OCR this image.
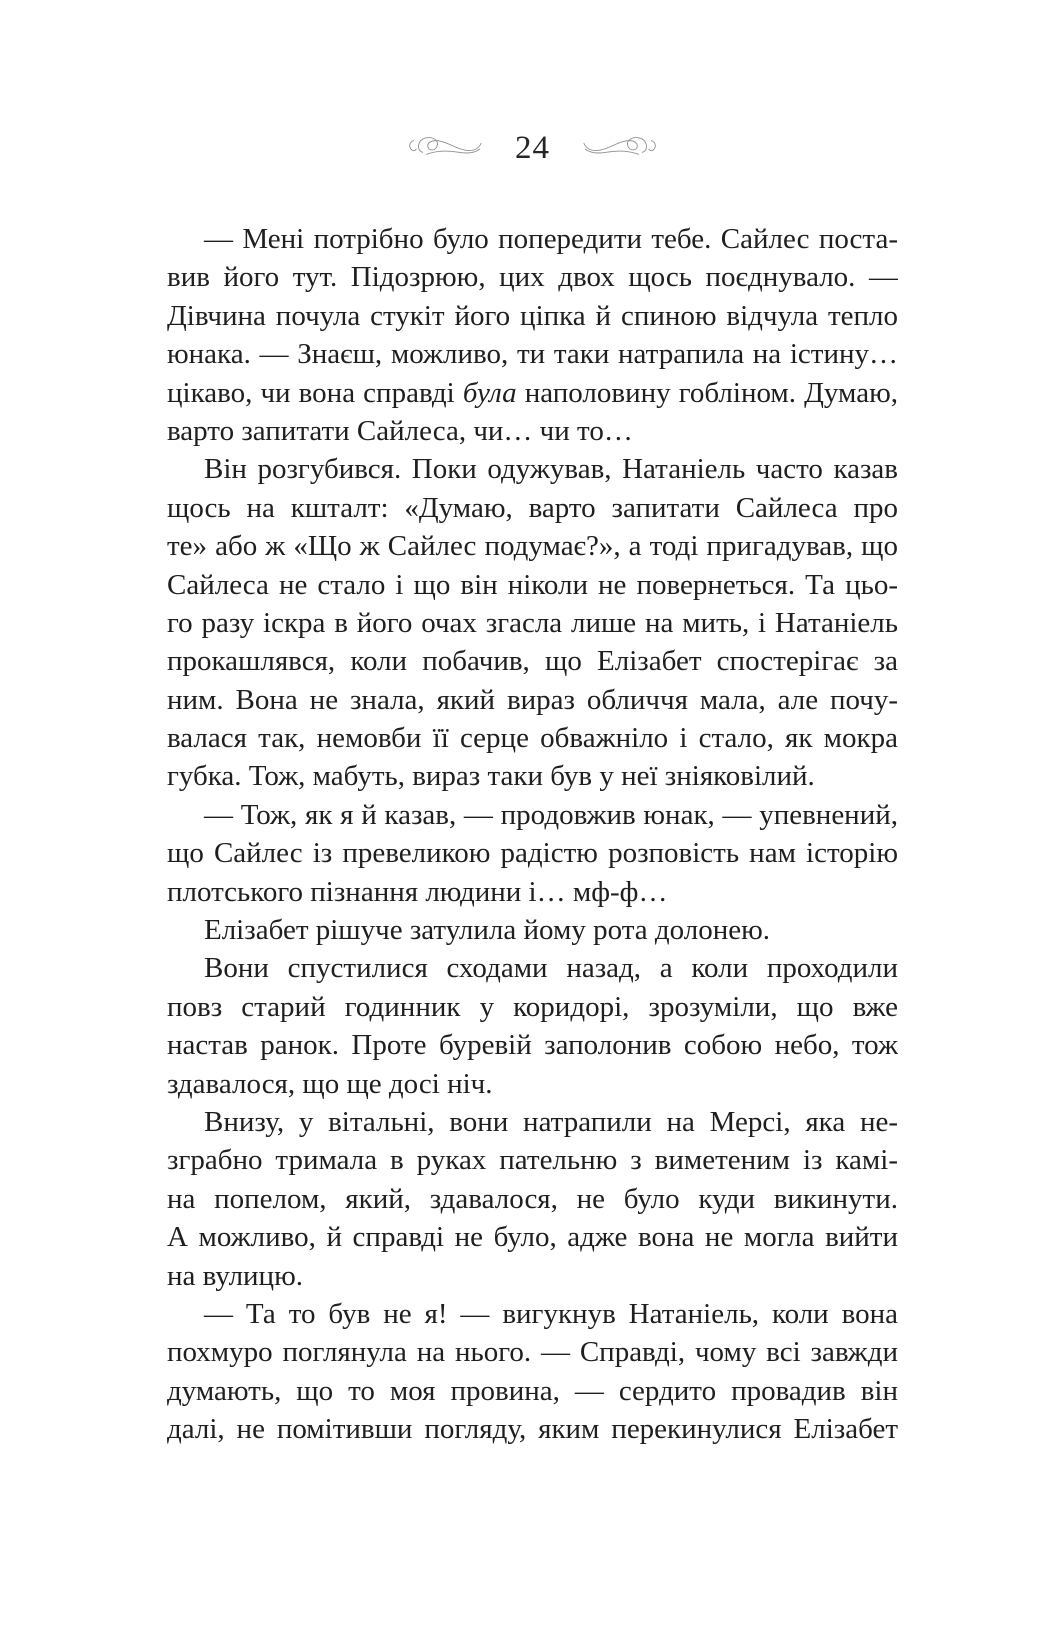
24
— Мені потрібно було попередити тебе. Сайлес поста-
вив його тут. Підозрюю, цих двох щось поєднувало. —
Дівчина почула стукіт його ціпка й спиною відчула тепло
юнака. — Знаєш, можливо, ти таки натрапила на істину…
цікаво, чи вона справді була наполовину гобліном. Думаю,
варто запитати Сайлеса, чи… чи то…
Він розгубився. Поки одужував, Натаніель часто казав
щось на кшталт: «Думаю, варто запитати Сайлеса про
те» або ж «Що ж Сайлес подумає?», а тоді пригадував, що
Сайлеса не стало і що він ніколи не повернеться. Та цьо-
го разу іскра в його очах згасла лише на мить, і Натаніель
прокашлявся, коли побачив, що Елізабет спостерігає за
ним. Вона не знала, який вираз обличчя мала, але почу-
валася так, немовби її серце обважніло і стало, як мокра
губка. Тож, мабуть, вираз таки був у неї зніяковілий.
— Тож, як я й казав, — продовжив юнак, — упевнений,
що Сайлес із превеликою радістю розповість нам історію
плотського пізнання людини і… мф-ф…
Елізабет рішуче затулила йому рота долонею.
Вони спустилися сходами назад, а коли проходили
повз старий годинник у коридорі, зрозуміли, що вже
настав ранок. Проте буревій заполонив собою небо, тож
здавалося, що ще досі ніч.
Внизу, у вітальні, вони натрапили на Мерсі, яка не-
зграбно тримала в руках пательню з виметеним із камі-
на попелом, який, здавалося, не було куди викинути.
А можливо, й справді не було, адже вона не могла вийти
на вулицю.
— Та то був не я! — вигукнув Натаніель, коли вона
похмуро поглянула на нього. — Справді, чому всі завжди
думають, що то моя провина, — сердито провадив він
далі, не помітивши погляду, яким перекинулися Елізабет
